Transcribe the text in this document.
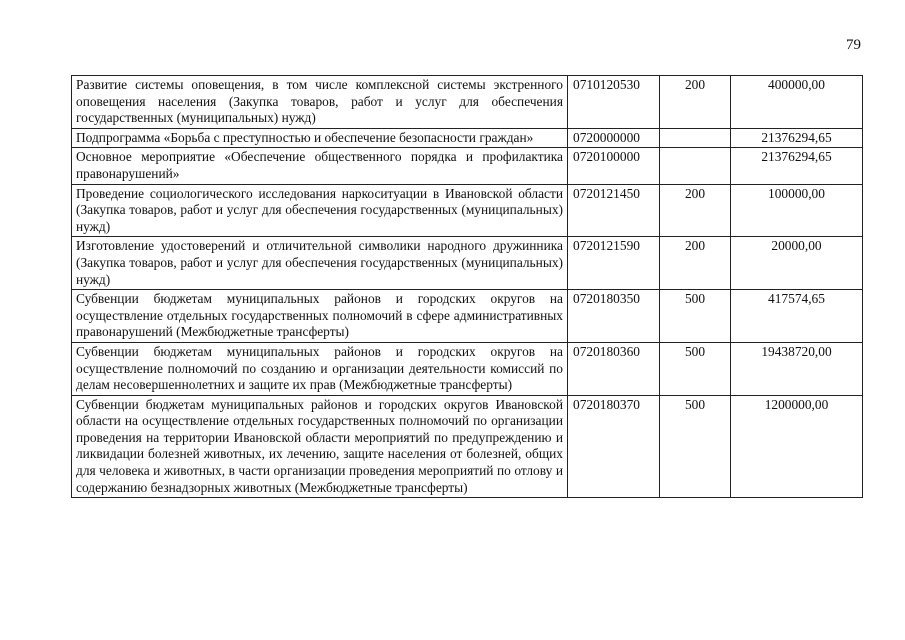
79
Развитие системы оповещения, в том числе комплексной системы экстренного оповещения населения (Закупка товаров, работ и услуг для обеспечения государственных (муниципальных) нужд)	0710120530	200	400000,00
Подпрограмма «Борьба с преступностью и обеспечение безопасности граждан»	0720000000		21376294,65
Основное мероприятие «Обеспечение общественного порядка и профилактика правонарушений»	0720100000		21376294,65
Проведение социологического исследования наркоситуации в Ивановской области (Закупка товаров, работ и услуг для обеспечения государственных (муниципальных) нужд)	0720121450	200	100000,00
Изготовление удостоверений и отличительной символики народного дружинника (Закупка товаров, работ и услуг для обеспечения государственных (муниципальных) нужд)	0720121590	200	20000,00
Субвенции бюджетам муниципальных районов и городских округов на осуществление отдельных государственных полномочий в сфере административных правонарушений (Межбюджетные трансферты)	0720180350	500	417574,65
Субвенции бюджетам муниципальных районов и городских округов на осуществление полномочий по созданию и организации деятельности комиссий по делам несовершеннолетних и защите их прав (Межбюджетные трансферты)	0720180360	500	19438720,00
Субвенции бюджетам муниципальных районов и городских округов Ивановской области на осуществление отдельных государственных полномочий по организации проведения на территории Ивановской области мероприятий по предупреждению и ликвидации болезней животных, их лечению, защите населения от болезней, общих для человека и животных, в части организации проведения мероприятий по отлову и содержанию безнадзорных животных (Межбюджетные трансферты)	0720180370	500	1200000,00
